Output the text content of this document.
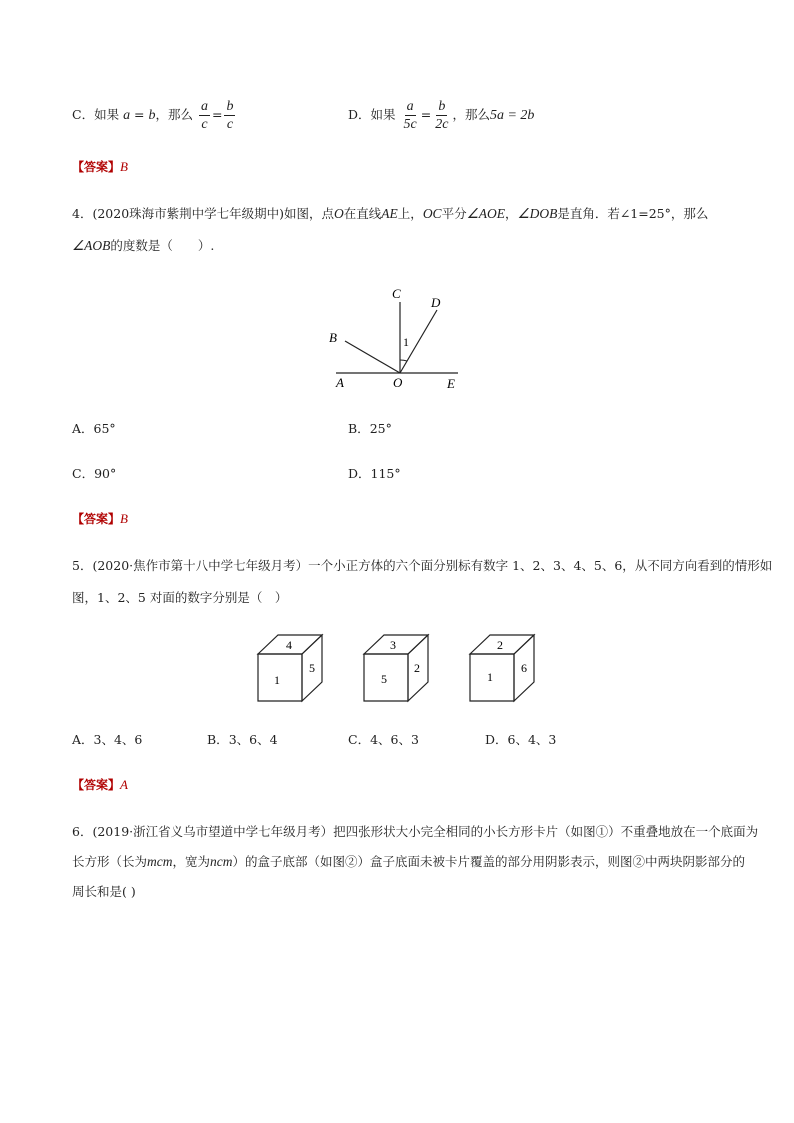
C．如果 a = b，那么 $\frac{a}{c} = \frac{b}{c}$	D．如果 $\frac{a}{5c} = \frac{b}{2c}$ ，那么5a = 2b
【答案】B
4．(2020珠海市紫荆中学七年级期中)如图，点O在直线AE上，OC平分∠AOE，∠DOB是直角．若∠1=25°，那么
∠AOB的度数是（　　）.
C
D
B	1
A	O	E
A．65°	B．25°
C．90°	D．115°
【答案】B
5．(2020·焦作市第十八中学七年级月考）一个小正方体的六个面分别标有数字 1、2、3、4、5、6，从不同方向看到的情形如
图，1、2、5 对面的数字分别是（　）
4
1
5
3
5
2
2
1
6
A．3、4、6	B．3、6、4	C．4、6、3	D．6、4、3
【答案】A
6．(2019·浙江省义乌市望道中学七年级月考）把四张形状大小完全相同的小长方形卡片（如图①）不重叠地放在一个底面为
长方形（长为mcm，宽为ncm）的盒子底部（如图②）盒子底面未被卡片覆盖的部分用阴影表示，则图②中两块阴影部分的
周长和是( )
